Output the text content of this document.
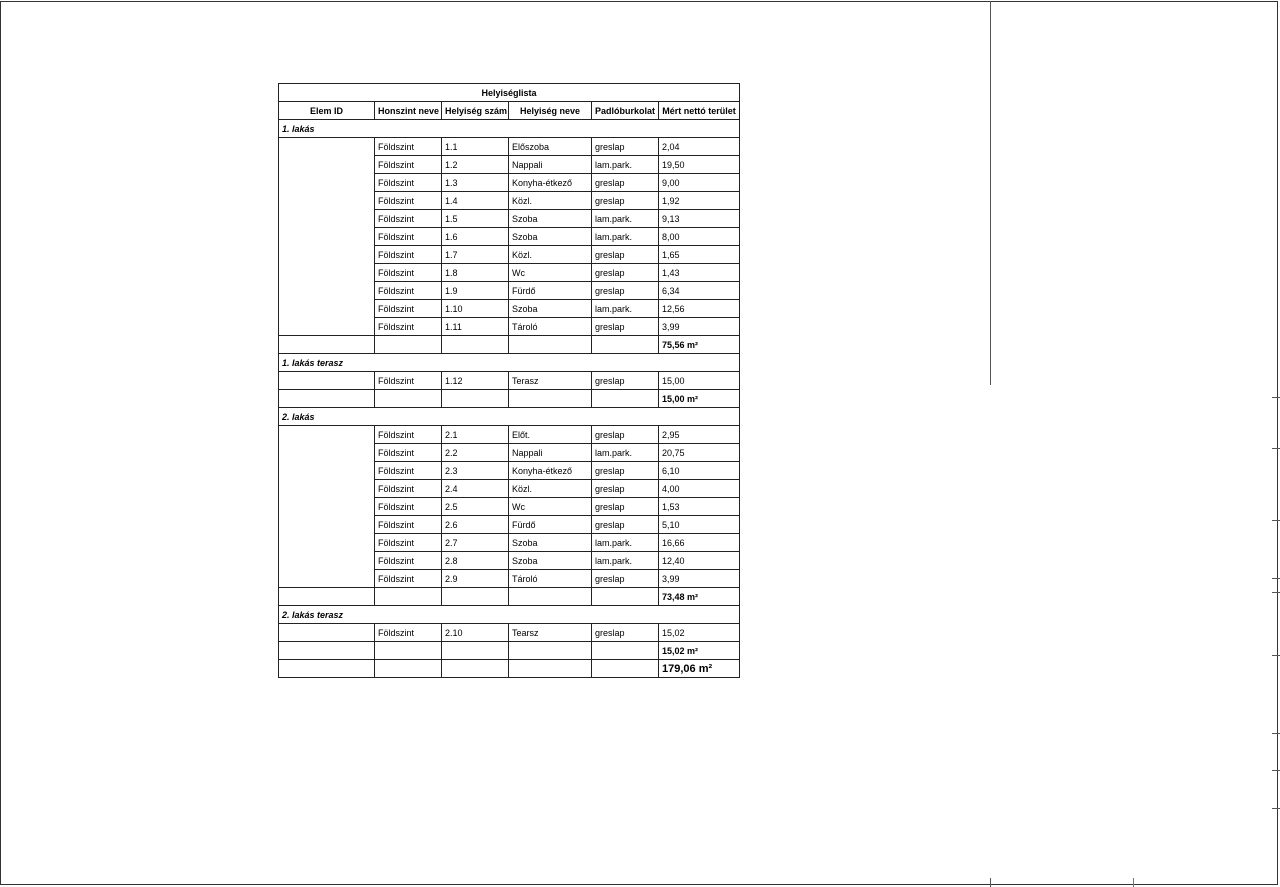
Helyiséglista					
Elem ID	Honszint neve	Helyiség szám	Helyiség neve	Padlóburkolat	Mért nettó terület
1. lakás					
	Földszint	1.1	Előszoba	greslap	2,04
	Földszint	1.2	Nappali	lam.park.	19,50
	Földszint	1.3	Konyha-étkező	greslap	9,00
	Földszint	1.4	Közl.	greslap	1,92
	Földszint	1.5	Szoba	lam.park.	9,13
	Földszint	1.6	Szoba	lam.park.	8,00
	Földszint	1.7	Közl.	greslap	1,65
	Földszint	1.8	Wc	greslap	1,43
	Földszint	1.9	Fürdő	greslap	6,34
	Földszint	1.10	Szoba	lam.park.	12,56
	Földszint	1.11	Tároló	greslap	3,99
					75,56 m²
1. lakás terasz					
	Földszint	1.12	Terasz	greslap	15,00
					15,00 m²
2. lakás					
	Földszint	2.1	Előt.	greslap	2,95
	Földszint	2.2	Nappali	lam.park.	20,75
	Földszint	2.3	Konyha-étkező	greslap	6,10
	Földszint	2.4	Közl.	greslap	4,00
	Földszint	2.5	Wc	greslap	1,53
	Földszint	2.6	Fürdő	greslap	5,10
	Földszint	2.7	Szoba	lam.park.	16,66
	Földszint	2.8	Szoba	lam.park.	12,40
	Földszint	2.9	Tároló	greslap	3,99
					73,48 m²
2. lakás terasz					
	Földszint	2.10	Tearsz	greslap	15,02
					15,02 m²
					179,06 m²
